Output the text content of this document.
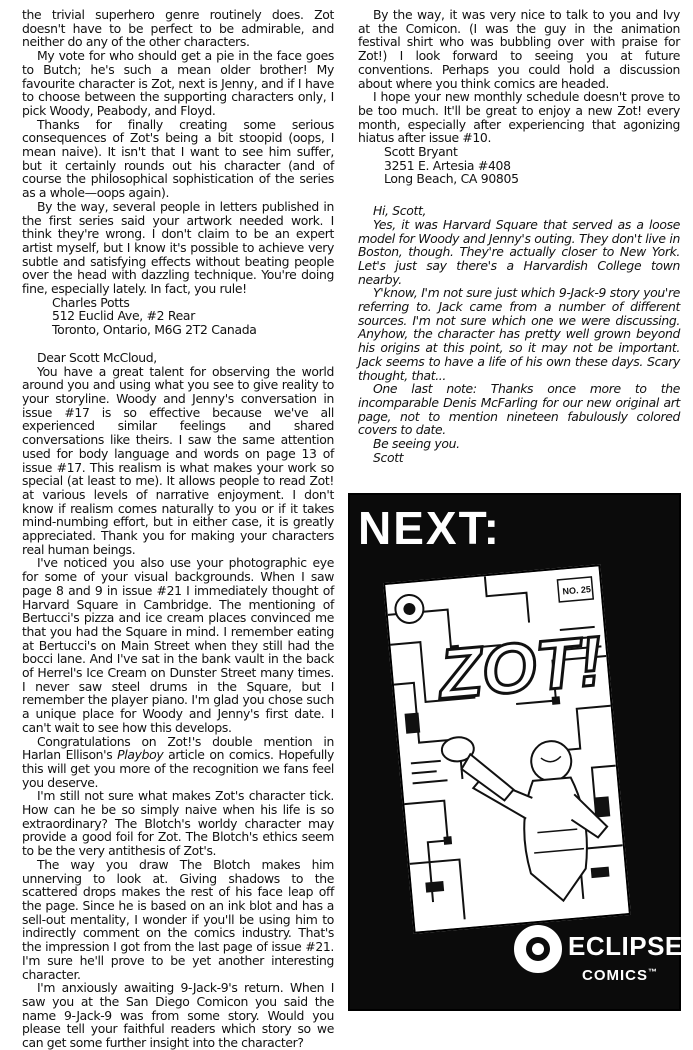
the trivial superhero genre routinely does. Zot doesn't have to be perfect to be admirable, and neither do any of the other characters.

My vote for who should get a pie in the face goes to Butch; he's such a mean older brother! My favourite character is Zot, next is Jenny, and if I have to choose between the supporting characters only, I pick Woody, Peabody, and Floyd.

Thanks for finally creating some serious consequences of Zot's being a bit stoopid (oops, I mean naive). It isn't that I want to see him suffer, but it certainly rounds out his character (and of course the philosophical sophistication of the series as a whole—oops again).

By the way, several people in letters published in the first series said your artwork needed work. I think they're wrong. I don't claim to be an expert artist myself, but I know it's possible to achieve very subtle and satisfying effects without beating people over the head with dazzling technique. You're doing fine, especially lately. In fact, you rule!

Charles Potts

512 Euclid Ave, #2 Rear

Toronto, Ontario, M6G 2T2 Canada

Dear Scott McCloud,

You have a great talent for observing the world around you and using what you see to give reality to your storyline. Woody and Jenny's conversation in issue #17 is so effective because we've all experienced similar feelings and shared conversations like theirs. I saw the same attention used for body language and words on page 13 of issue #17. This realism is what makes your work so special (at least to me). It allows people to read Zot! at various levels of narrative enjoyment. I don't know if realism comes naturally to you or if it takes mind-numbing effort, but in either case, it is greatly appreciated. Thank you for making your characters real human beings.

I've noticed you also use your photographic eye for some of your visual backgrounds. When I saw page 8 and 9 in issue #21 I immediately thought of Harvard Square in Cambridge. The mentioning of Bertucci's pizza and ice cream places convinced me that you had the Square in mind. I remember eating at Bertucci's on Main Street when they still had the bocci lane. And I've sat in the bank vault in the back of Herrel's Ice Cream on Dunster Street many times. I never saw steel drums in the Square, but I remember the player piano. I'm glad you chose such a unique place for Woody and Jenny's first date. I can't wait to see how this develops.

Congratulations on Zot!'s double mention in Harlan Ellison's Playboy article on comics. Hopefully this will get you more of the recognition we fans feel you deserve.

I'm still not sure what makes Zot's character tick. How can he be so simply naive when his life is so extraordinary? The Blotch's worldy character may provide a good foil for Zot. The Blotch's ethics seem to be the very antithesis of Zot's.

The way you draw The Blotch makes him unnerving to look at. Giving shadows to the scattered drops makes the rest of his face leap off the page. Since he is based on an ink blot and has a sell-out mentality, I wonder if you'll be using him to indirectly comment on the comics industry. That's the impression I got from the last page of issue #21. I'm sure he'll prove to be yet another interesting character.

I'm anxiously awaiting 9-Jack-9's return. When I saw you at the San Diego Comicon you said the name 9-Jack-9 was from some story. Would you please tell your faithful readers which story so we can get some further insight into the character?

By the way, it was very nice to talk to you and Ivy at the Comicon. (I was the guy in the animation festival shirt who was bubbling over with praise for Zot!) I look forward to seeing you at future conventions. Perhaps you could hold a discussion about where you think comics are headed.

I hope your new monthly schedule doesn't prove to be too much. It'll be great to enjoy a new Zot! every month, especially after experiencing that agonizing hiatus after issue #10.

Scott Bryant

3251 E. Artesia #408

Long Beach, CA 90805

Hi, Scott,

Yes, it was Harvard Square that served as a loose model for Woody and Jenny's outing. They don't live in Boston, though. They're actually closer to New York. Let's just say there's a Harvardish College town nearby.

Y'know, I'm not sure just which 9-Jack-9 story you're referring to. Jack came from a number of different sources. I'm not sure which one we were discussing. Anyhow, the character has pretty well grown beyond his origins at this point, so it may not be important. Jack seems to have a life of his own these days. Scary thought, that...

One last note: Thanks once more to the incomparable Denis McFarling for our new original art page, not to mention nineteen fabulously colored covers to date.

Be seeing you.

Scott

NEXT:
NO. 25
ZOT!
ECLIPSE
COMICS™
